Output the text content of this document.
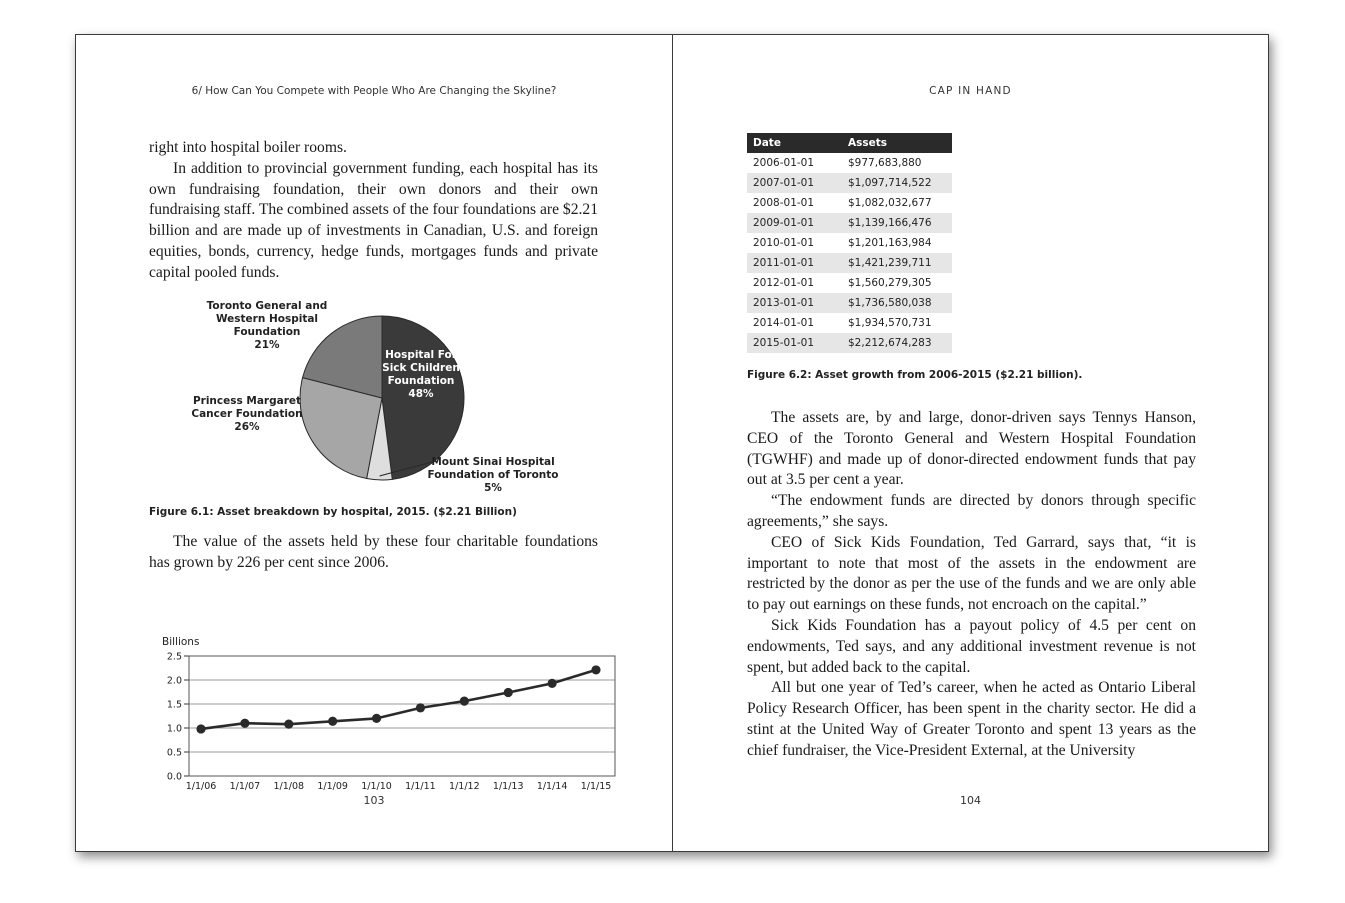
6/ How Can You Compete with People Who Are Changing the Skyline?

right into hospital boiler rooms.

In addition to provincial government funding, each hospital has its own fundraising foundation, their own donors and their own fundraising staff. The combined assets of the four foundations are $2.21 billion and are made up of investments in Canadian, U.S. and foreign equities, bonds, currency, hedge funds, mortgages funds and private capital pooled funds.

Toronto General and Western Hospital Foundation
21%
Hospital For Sick Children Foundation
48%
Princess Margaret Cancer Foundation
26%
Mount Sinai Hospital Foundation of Toronto
5%
Figure 6.1: Asset breakdown by hospital, 2015. ($2.21 Billion)

The value of the assets held by these four charitable foundations has grown by 226 per cent since 2006.

Billions
0.0
0.5
1.0
1.5
2.0
2.5
1/1/06 1/1/07 1/1/08 1/1/09 1/1/10 1/1/11 1/1/12 1/1/13 1/1/14 1/1/15
103
CAP IN HAND
Date	Assets
2006-01-01	$977,683,880
2007-01-01	$1,097,714,522
2008-01-01	$1,082,032,677
2009-01-01	$1,139,166,476
2010-01-01	$1,201,163,984
2011-01-01	$1,421,239,711
2012-01-01	$1,560,279,305
2013-01-01	$1,736,580,038
2014-01-01	$1,934,570,731
2015-01-01	$2,212,674,283
Figure 6.2: Asset growth from 2006-2015 ($2.21 billion).

The assets are, by and large, donor-driven says Tennys Hanson, CEO of the Toronto General and Western Hospital Foundation (TGWHF) and made up of donor-directed endowment funds that pay out at 3.5 per cent a year.

“The endowment funds are directed by donors through specific agreements,” she says.

CEO of Sick Kids Foundation, Ted Garrard, says that, “it is important to note that most of the assets in the endowment are restricted by the donor as per the use of the funds and we are only able to pay out earnings on these funds, not encroach on the capital.”

Sick Kids Foundation has a payout policy of 4.5 per cent on endowments, Ted says, and any additional investment revenue is not spent, but added back to the capital.

All but one year of Ted’s career, when he acted as Ontario Liberal Policy Research Officer, has been spent in the charity sector. He did a stint at the United Way of Greater Toronto and spent 13 years as the chief fundraiser, the Vice-President External, at the University

104
